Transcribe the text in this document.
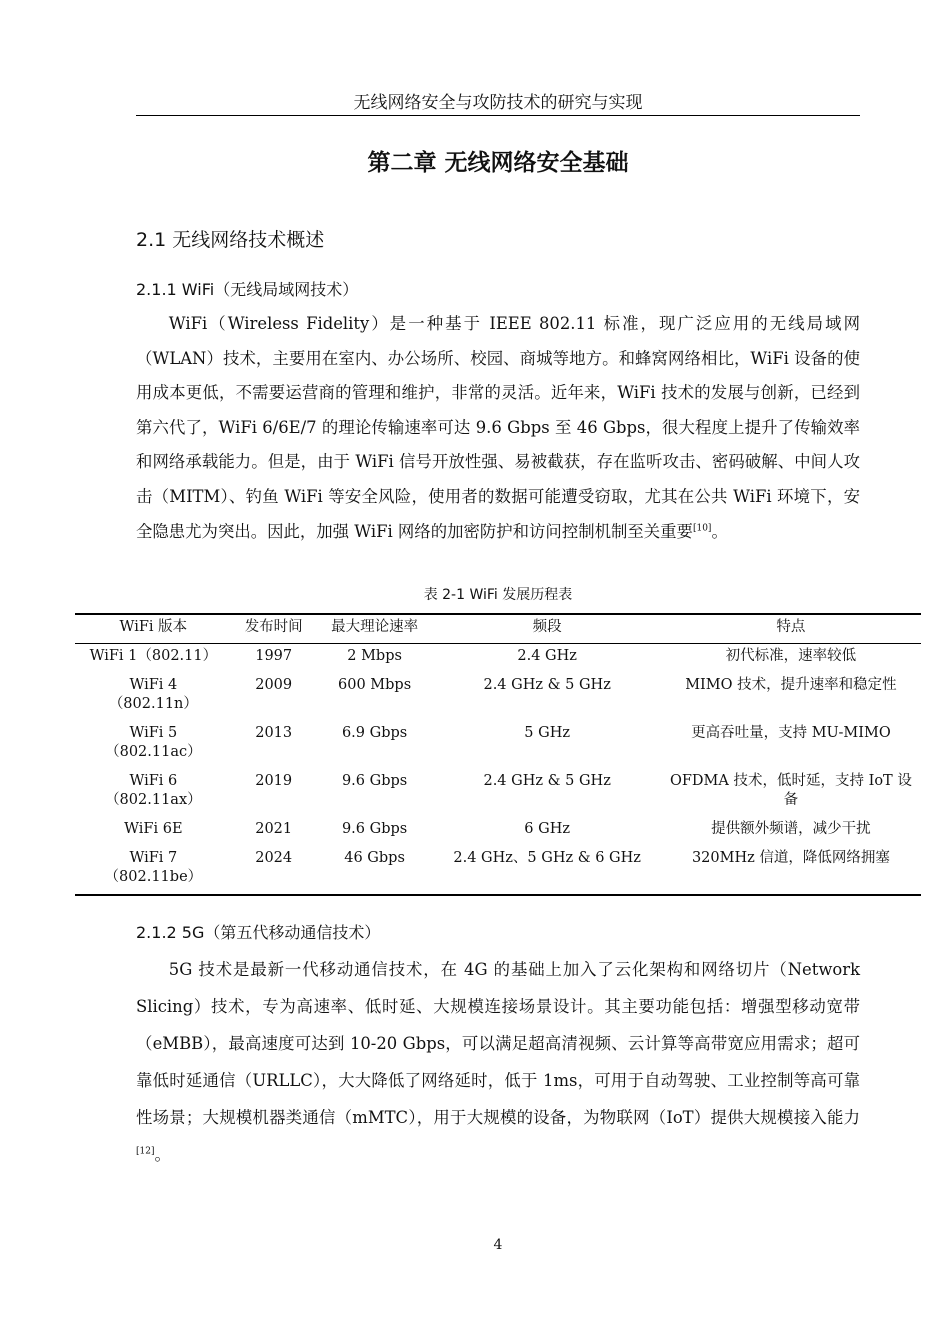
无线网络安全与攻防技术的研究与实现
第二章 无线网络安全基础
2.1 无线网络技术概述
2.1.1 WiFi（无线局域网技术）

WiFi（Wireless Fidelity）是一种基于 IEEE 802.11 标准，现广泛应用的无线局域网（WLAN）技术，主要用在室内、办公场所、校园、商城等地方。和蜂窝网络相比，WiFi 设备的使用成本更低，不需要运营商的管理和维护，非常的灵活。近年来，WiFi 技术的发展与创新，已经到第六代了，WiFi 6/6E/7 的理论传输速率可达 9.6 Gbps 至 46 Gbps，很大程度上提升了传输效率和网络承载能力。但是，由于 WiFi 信号开放性强、易被截获，存在监听攻击、密码破解、中间人攻击（MITM）、钓鱼 WiFi 等安全风险，使用者的数据可能遭受窃取，尤其在公共 WiFi 环境下，安全隐患尤为突出。因此，加强 WiFi 网络的加密防护和访问控制机制至关重要[10]。

表 2-1 WiFi 发展历程表
WiFi 版本	发布时间	最大理论速率	频段	特点
WiFi 1（802.11）	1997	2 Mbps	2.4 GHz	初代标准，速率较低
WiFi 4
（802.11n）	2009	600 Mbps	2.4 GHz & 5 GHz	MIMO 技术，提升速率和稳定性
WiFi 5
（802.11ac）	2013	6.9 Gbps	5 GHz	更高吞吐量，支持 MU-MIMO
WiFi 6
（802.11ax）	2019	9.6 Gbps	2.4 GHz & 5 GHz	OFDMA 技术，低时延，支持 IoT 设备
WiFi 6E	2021	9.6 Gbps	6 GHz	提供额外频谱，减少干扰
WiFi 7
（802.11be）	2024	46 Gbps	2.4 GHz、5 GHz & 6 GHz	320MHz 信道，降低网络拥塞
2.1.2 5G（第五代移动通信技术）

5G 技术是最新一代移动通信技术，在 4G 的基础上加入了云化架构和网络切片（Network Slicing）技术，专为高速率、低时延、大规模连接场景设计。其主要功能包括：增强型移动宽带（eMBB），最高速度可达到 10-20 Gbps，可以满足超高清视频、云计算等高带宽应用需求；超可靠低时延通信（URLLC），大大降低了网络延时，低于 1ms，可用于自动驾驶、工业控制等高可靠性场景；大规模机器类通信（mMTC），用于大规模的设备，为物联网（IoT）提供大规模接入能力[12]。

4
